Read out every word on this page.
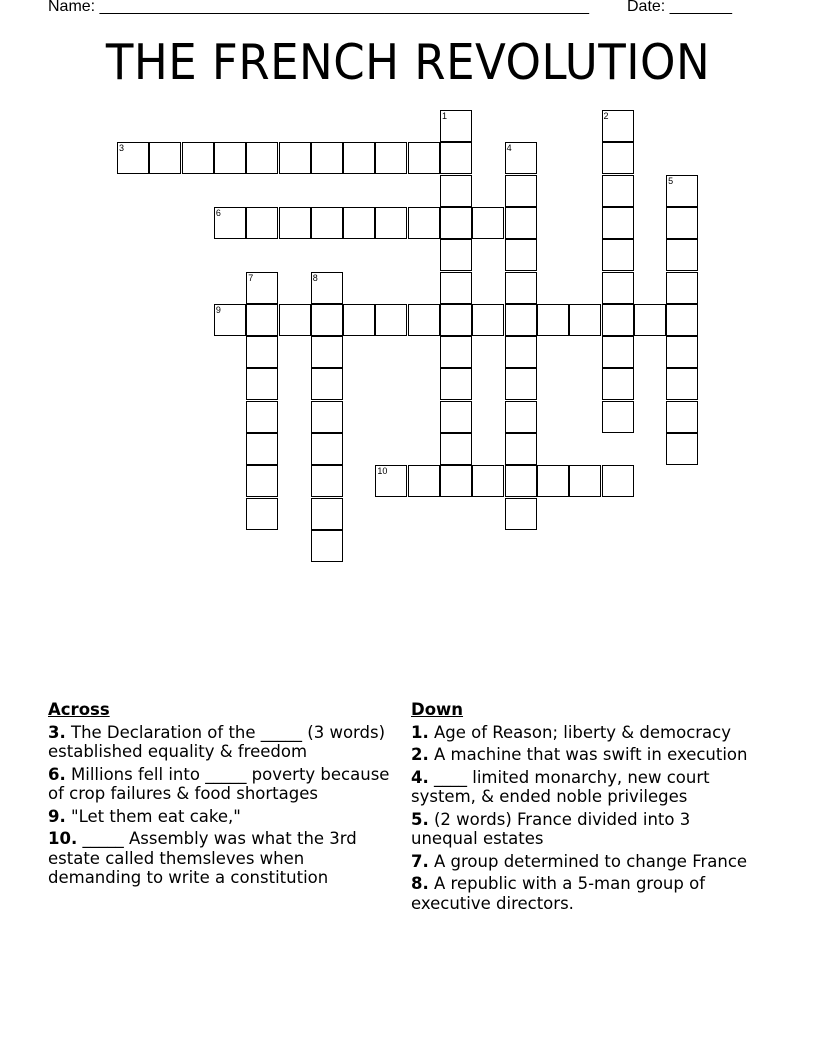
Name: _______________________________________________________ Date: _______
THE FRENCH REVOLUTION
1	2
3	4
5
6
7	8
9
10
Across
3. The Declaration of the _____ (3 words) established equality & freedom
6. Millions fell into _____ poverty because of crop failures & food shortages
9. "Let them eat cake,"
10. _____ Assembly was what the 3rd estate called themsleves when demanding to write a constitution
Down
1. Age of Reason; liberty & democracy
2. A machine that was swift in execution
4. ____ limited monarchy, new court system, & ended noble privileges
5. (2 words) France divided into 3 unequal estates
7. A group determined to change France
8. A republic with a 5-man group of executive directors.
